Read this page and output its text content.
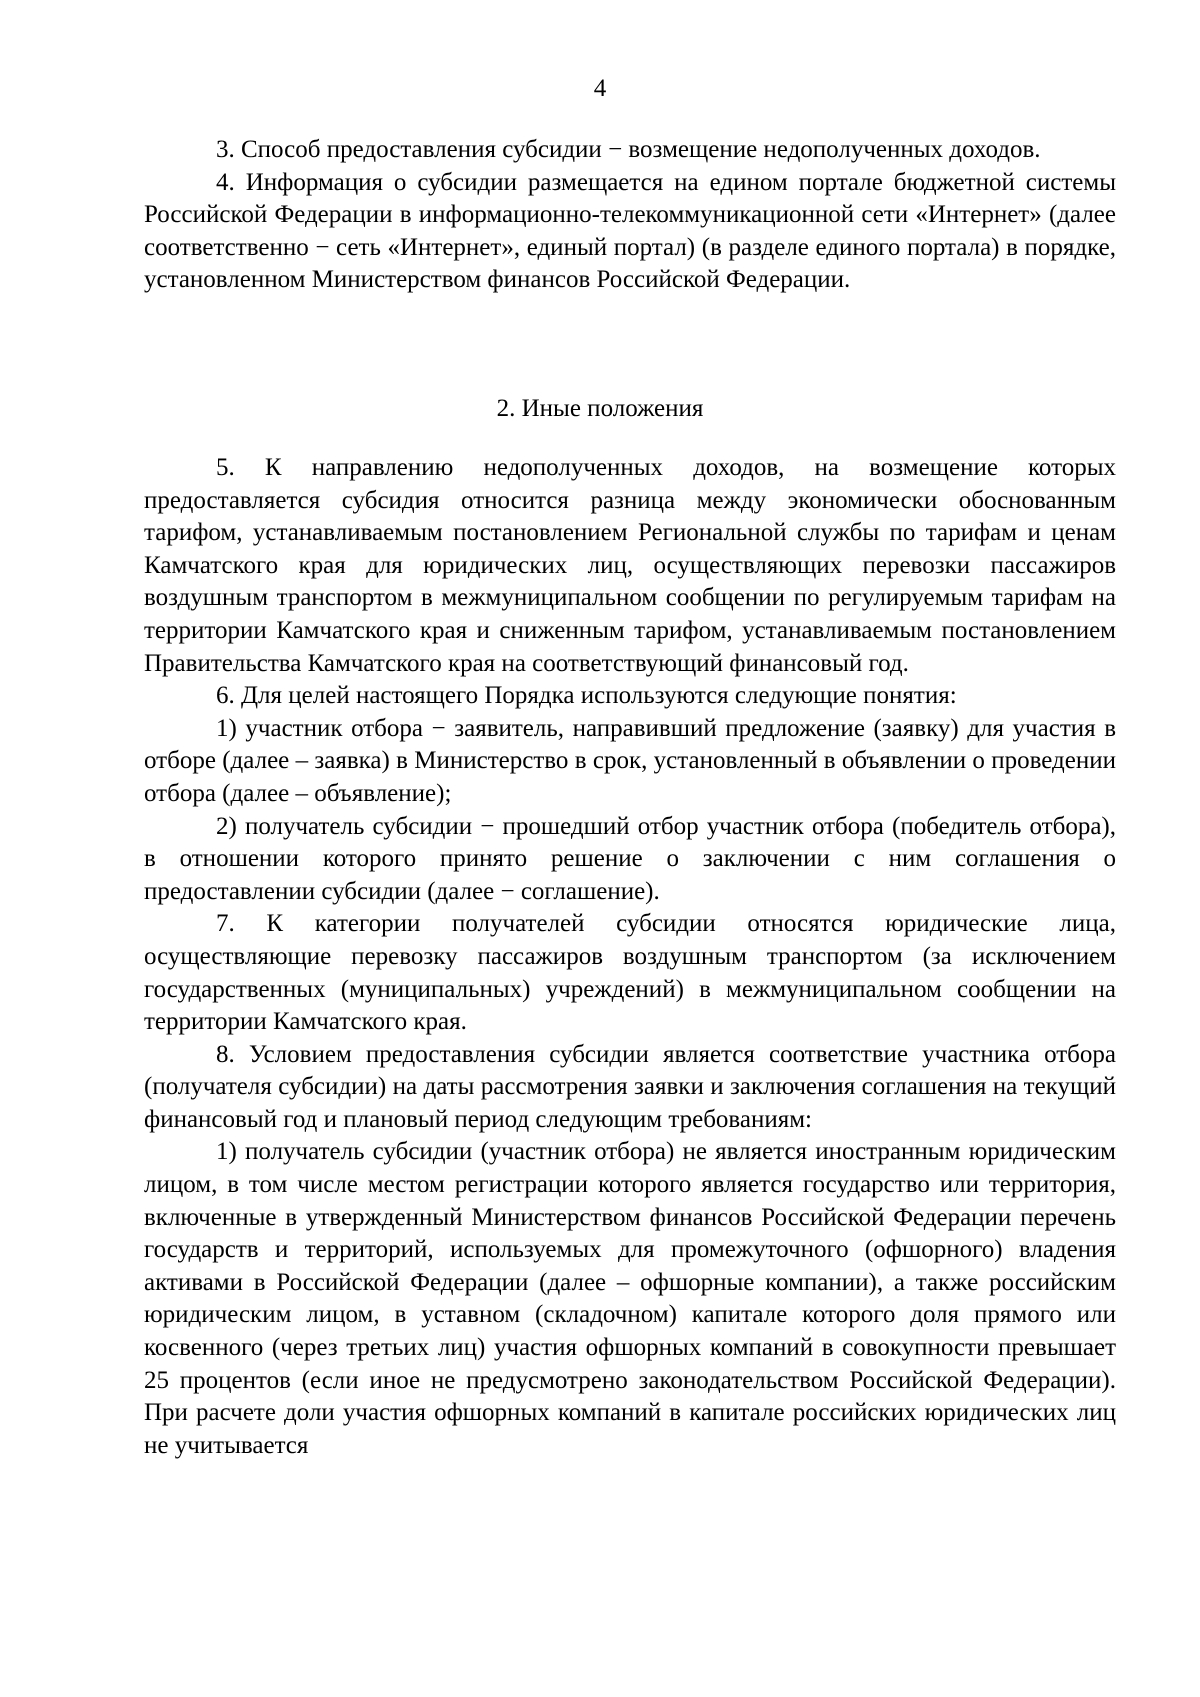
4

3. Способ предоставления субсидии − возмещение недополученных доходов.

4. Информация о субсидии размещается на едином портале бюджетной системы Российской Федерации в информационно-телекоммуникационной сети «Интернет» (далее соответственно − сеть «Интернет», единый портал) (в разделе единого портала) в порядке, установленном Министерством финансов Российской Федерации.

2. Иные положения

5. К направлению недополученных доходов, на возмещение которых предоставляется субсидия относится разница между экономически обоснованным тарифом, устанавливаемым постановлением Региональной службы по тарифам и ценам Камчатского края для юридических лиц, осуществляющих перевозки пассажиров воздушным транспортом в межмуниципальном сообщении по регулируемым тарифам на территории Камчатского края и сниженным тарифом, устанавливаемым постановлением Правительства Камчатского края на соответствующий финансовый год.

6. Для целей настоящего Порядка используются следующие понятия:

1) участник отбора − заявитель, направивший предложение (заявку) для участия в отборе (далее – заявка) в Министерство в срок, установленный в объявлении о проведении отбора (далее – объявление);

2) получатель субсидии − прошедший отбор участник отбора (победитель отбора), в отношении которого принято решение о заключении с ним соглашения о предоставлении субсидии (далее − соглашение).

7. К категории получателей субсидии относятся юридические лица, осуществляющие перевозку пассажиров воздушным транспортом (за исключением государственных (муниципальных) учреждений) в межмуниципальном сообщении на территории Камчатского края.

8. Условием предоставления субсидии является соответствие участника отбора (получателя субсидии) на даты рассмотрения заявки и заключения соглашения на текущий финансовый год и плановый период следующим требованиям:

1) получатель субсидии (участник отбора) не является иностранным юридическим лицом, в том числе местом регистрации которого является государство или территория, включенные в утвержденный Министерством финансов Российской Федерации перечень государств и территорий, используемых для промежуточного (офшорного) владения активами в Российской Федерации (далее – офшорные компании), а также российским юридическим лицом, в уставном (складочном) капитале которого доля прямого или косвенного (через третьих лиц) участия офшорных компаний в совокупности превышает 25 процентов (если иное не предусмотрено законодательством Российской Федерации). При расчете доли участия офшорных компаний в капитале российских юридических лиц не учитывается
